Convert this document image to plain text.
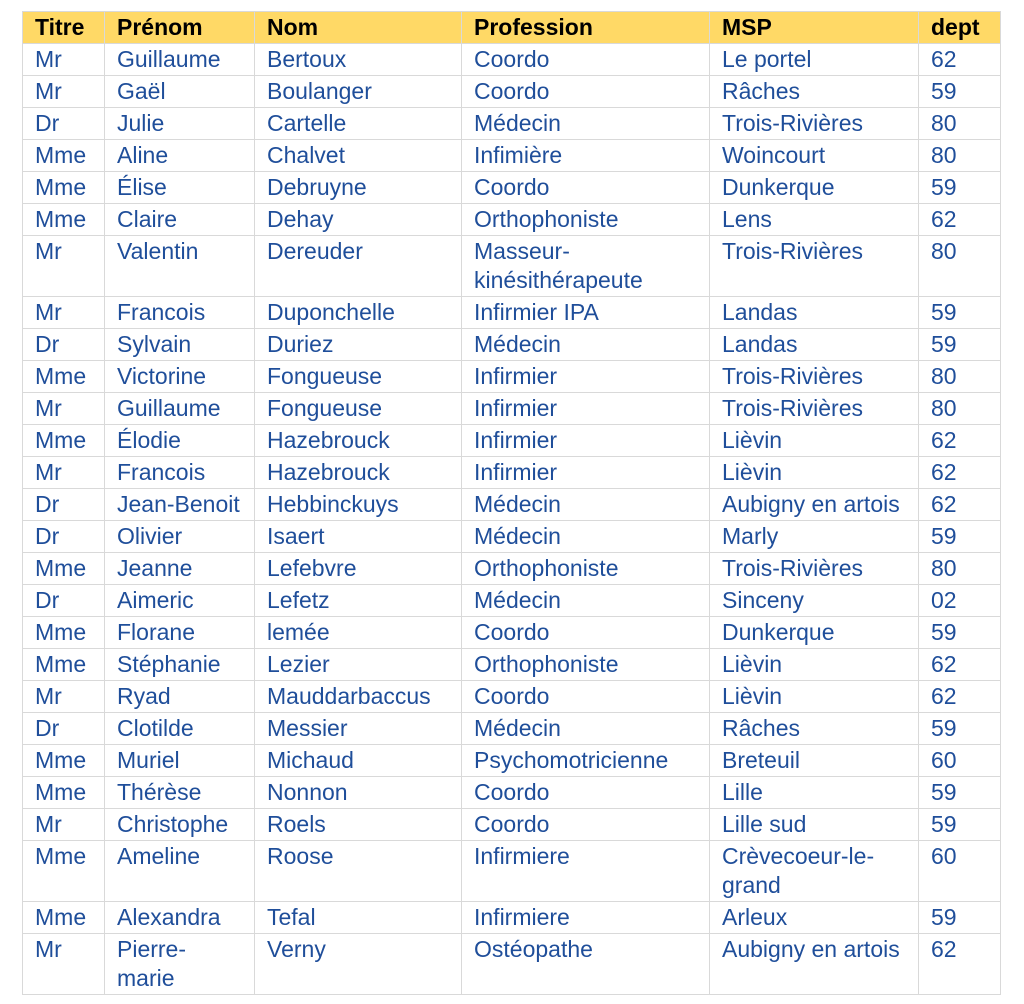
Titre	Prénom	Nom	Profession	MSP	dept
Mr	Guillaume	Bertoux	Coordo	Le portel	62
Mr	Gaël	Boulanger	Coordo	Râches	59
Dr	Julie	Cartelle	Médecin	Trois-Rivières	80
Mme	Aline	Chalvet	Infimière	Woincourt	80
Mme	Élise	Debruyne	Coordo	Dunkerque	59
Mme	Claire	Dehay	Orthophoniste	Lens	62
Mr	Valentin	Dereuder	Masseur-kinésithérapeute	Trois-Rivières	80
Mr	Francois	Duponchelle	Infirmier IPA	Landas	59
Dr	Sylvain	Duriez	Médecin	Landas	59
Mme	Victorine	Fongueuse	Infirmier	Trois-Rivières	80
Mr	Guillaume	Fongueuse	Infirmier	Trois-Rivières	80
Mme	Élodie	Hazebrouck	Infirmier	Lièvin	62
Mr	Francois	Hazebrouck	Infirmier	Lièvin	62
Dr	Jean-Benoit	Hebbinckuys	Médecin	Aubigny en artois	62
Dr	Olivier	Isaert	Médecin	Marly	59
Mme	Jeanne	Lefebvre	Orthophoniste	Trois-Rivières	80
Dr	Aimeric	Lefetz	Médecin	Sinceny	02
Mme	Florane	lemée	Coordo	Dunkerque	59
Mme	Stéphanie	Lezier	Orthophoniste	Lièvin	62
Mr	Ryad	Mauddarbaccus	Coordo	Lièvin	62
Dr	Clotilde	Messier	Médecin	Râches	59
Mme	Muriel	Michaud	Psychomotricienne	Breteuil	60
Mme	Thérèse	Nonnon	Coordo	Lille	59
Mr	Christophe	Roels	Coordo	Lille sud	59
Mme	Ameline	Roose	Infirmiere	Crèvecoeur-le-grand	60
Mme	Alexandra	Tefal	Infirmiere	Arleux	59
Mr	Pierre-marie	Verny	Ostéopathe	Aubigny en artois	62
